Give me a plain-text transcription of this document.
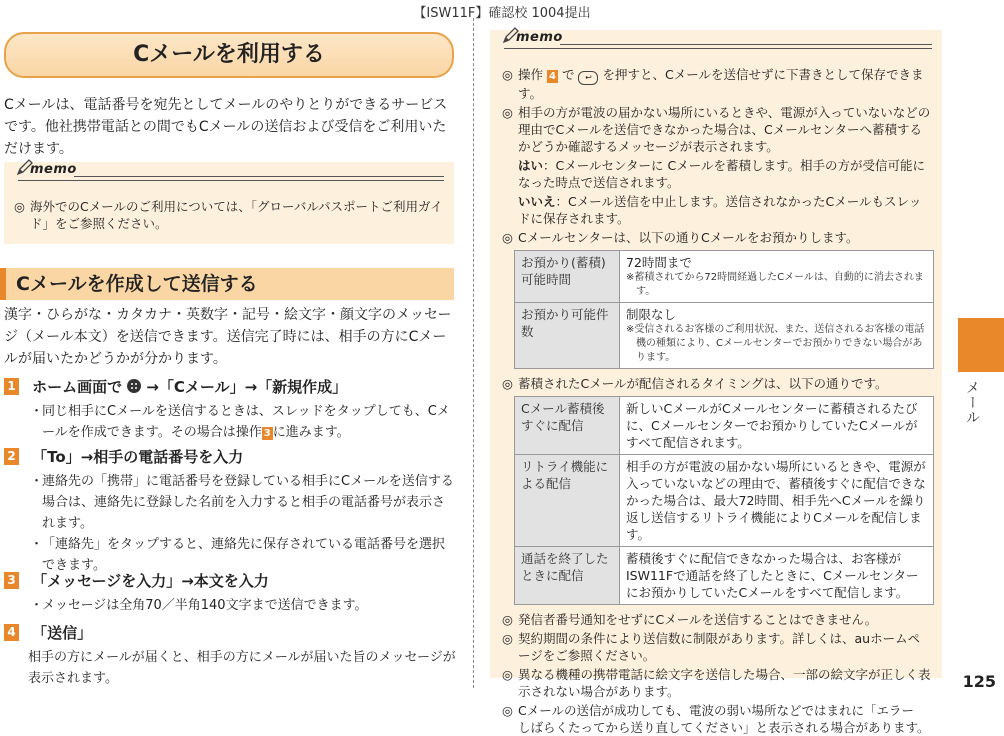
【ISW11F】確認校 1004提出
Cメールを利用する

Cメールは、電話番号を宛先としてメールのやりとりができるサービスです。他社携帯電話との間でもCメールの送信および受信をご利用いただけます。

memo

◎ 海外でのCメールのご利用については、「グローバルパスポートご利用ガイド」をご参照ください。

Cメールを作成して送信する

漢字・ひらがな・カタカナ・英数字・記号・絵文字・顔文字のメッセージ（メール本文）を送信できます。送信完了時には、相手の方にCメールが届いたかどうかが分かります。

1 ホーム画面で →「Cメール」→「新規作成」
・
同じ相手にCメールを送信するときは、スレッドをタップしても、Cメールを作成できます。その場合は操作 3 に進みます。
2 「To」→相手の電話番号を入力
・
連絡先の「携帯」に電話番号を登録している相手にCメールを送信する場合は、連絡先に登録した名前を入力すると相手の電話番号が表示されます。
・
「連絡先」をタップすると、連絡先に保存されている電話番号を選択できます。
3 「メッセージを入力」→本文を入力
・
メッセージは全角70／半角140文字まで送信できます。
4 「送信」
相手の方にメールが届くと、相手の方にメールが届いた旨のメッセージが表示されます。
memo

◎ 操作 4 で ↩ を押すと、Cメールを送信せずに下書きとして保存できます。

◎ 相手の方が電波の届かない場所にいるときや、電源が入っていないなどの理由でCメールを送信できなかった場合は、Cメールセンターへ蓄積するかどうか確認するメッセージが表示されます。

はい：Cメールセンターに Cメールを蓄積します。相手の方が受信可能になった時点で送信されます。

いいえ：Cメール送信を中止します。送信されなかったCメールもスレッドに保存されます。

◎ Cメールセンターは、以下の通りCメールをお預かりします。

お預かり(蓄積)可能時間	72時間まで
※蓄積されてから72時間経過したCメールは、自動的に消去されます。

お預かり可能件数	制限なし
※受信されるお客様のご利用状況、また、送信されるお客様の電話機の種類により、Cメールセンターでお預かりできない場合があります。

◎ 蓄積されたCメールが配信されるタイミングは、以下の通りです。

Cメール蓄積後すぐに配信	新しいCメールがCメールセンターに蓄積されるたびに、Cメールセンターでお預かりしていたCメールがすべて配信されます。
リトライ機能による配信	相手の方が電波の届かない場所にいるときや、電源が入っていないなどの理由で、蓄積後すぐに配信できなかった場合は、最大72時間、相手先へCメールを繰り返し送信するリトライ機能によりCメールを配信します。
通話を終了したときに配信	蓄積後すぐに配信できなかった場合は、お客様がISW11Fで通話を終了したときに、Cメールセンターにお預かりしていたCメールをすべて配信します。

◎ 発信者番号通知をせずにCメールを送信することはできません。

◎ 契約期間の条件により送信数に制限があります。詳しくは、auホームページをご参照ください。

◎ 異なる機種の携帯電話に絵文字を送信した場合、一部の絵文字が正しく表示されない場合があります。

◎ Cメールの送信が成功しても、電波の弱い場所などではまれに「エラー　しばらくたってから送り直してください」と表示される場合があります。

メール
125
